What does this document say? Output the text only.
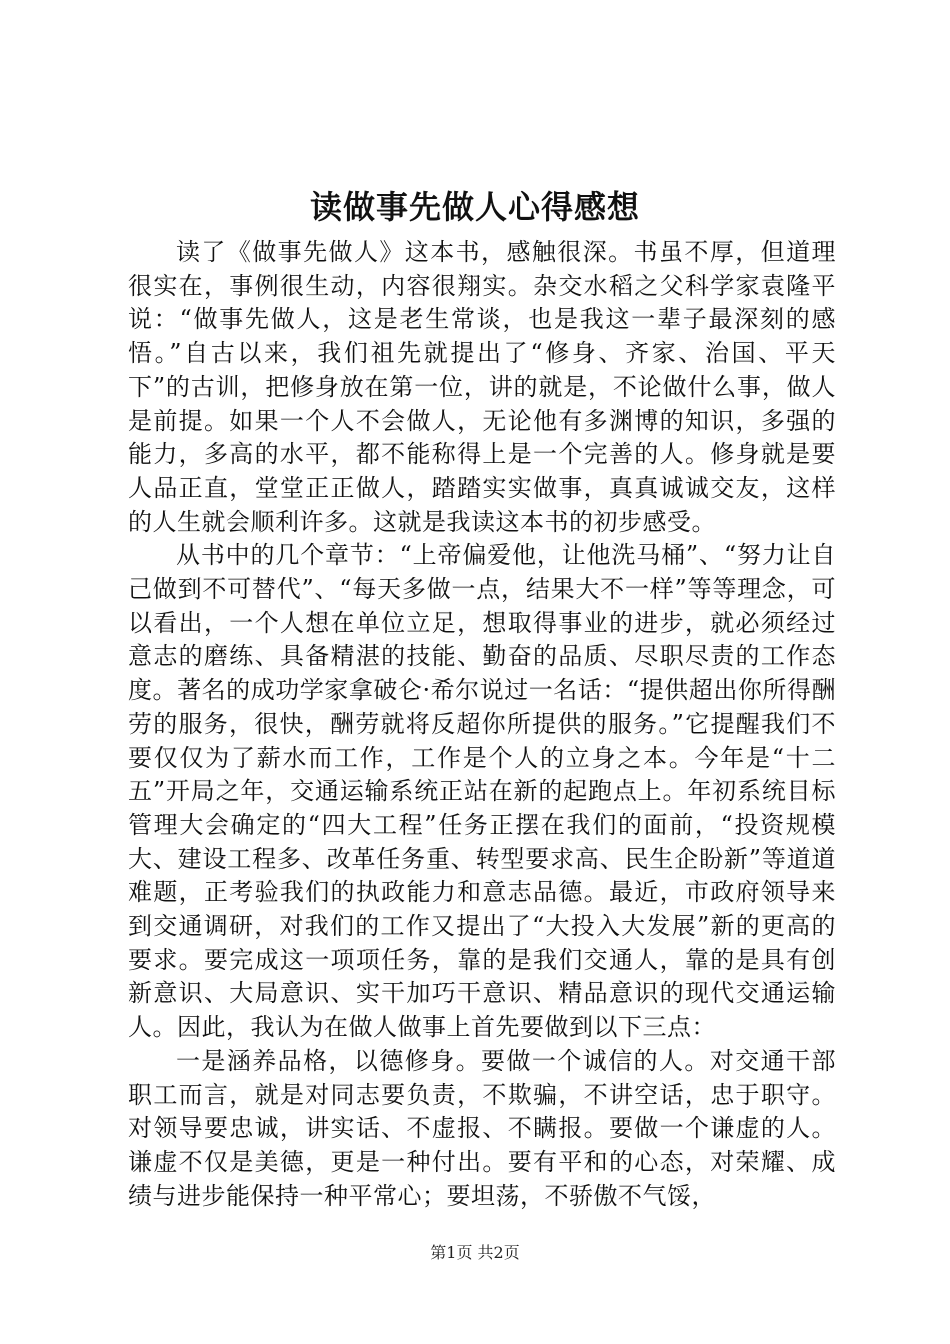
读做事先做人心得感想

读了《做事先做人》这本书，感触很深。书虽不厚，但道理很实在，事例很生动，内容很翔实。杂交水稻之父科学家袁隆平说：“做事先做人，这是老生常谈，也是我这一辈子最深刻的感悟。”自古以来，我们祖先就提出了“修身、齐家、治国、平天下”的古训，把修身放在第一位，讲的就是，不论做什么事，做人是前提。如果一个人不会做人，无论他有多渊博的知识，多强的能力，多高的水平，都不能称得上是一个完善的人。修身就是要人品正直，堂堂正正做人，踏踏实实做事，真真诚诚交友，这样的人生就会顺利许多。这就是我读这本书的初步感受。

从书中的几个章节：“上帝偏爱他，让他洗马桶”、“努力让自己做到不可替代”、“每天多做一点，结果大不一样”等等理念，可以看出，一个人想在单位立足，想取得事业的进步，就必须经过意志的磨练、具备精湛的技能、勤奋的品质、尽职尽责的工作态度。著名的成功学家拿破仑·希尔说过一名话：“提供超出你所得酬劳的服务，很快，酬劳就将反超你所提供的服务。”它提醒我们不要仅仅为了薪水而工作，工作是个人的立身之本。今年是“十二五”开局之年，交通运输系统正站在新的起跑点上。年初系统目标管理大会确定的“四大工程”任务正摆在我们的面前，“投资规模大、建设工程多、改革任务重、转型要求高、民生企盼新”等道道难题，正考验我们的执政能力和意志品德。最近，市政府领导来到交通调研，对我们的工作又提出了“大投入大发展”新的更高的要求。要完成这一项项任务，靠的是我们交通人，靠的是具有创新意识、大局意识、实干加巧干意识、精品意识的现代交通运输人。因此，我认为在做人做事上首先要做到以下三点：

一是涵养品格，以德修身。要做一个诚信的人。对交通干部职工而言，就是对同志要负责，不欺骗，不讲空话，忠于职守。对领导要忠诚，讲实话、不虚报、不瞒报。要做一个谦虚的人。谦虚不仅是美德，更是一种付出。要有平和的心态，对荣耀、成绩与进步能保持一种平常心；要坦荡，不骄傲不气馁，

第1页 共2页
